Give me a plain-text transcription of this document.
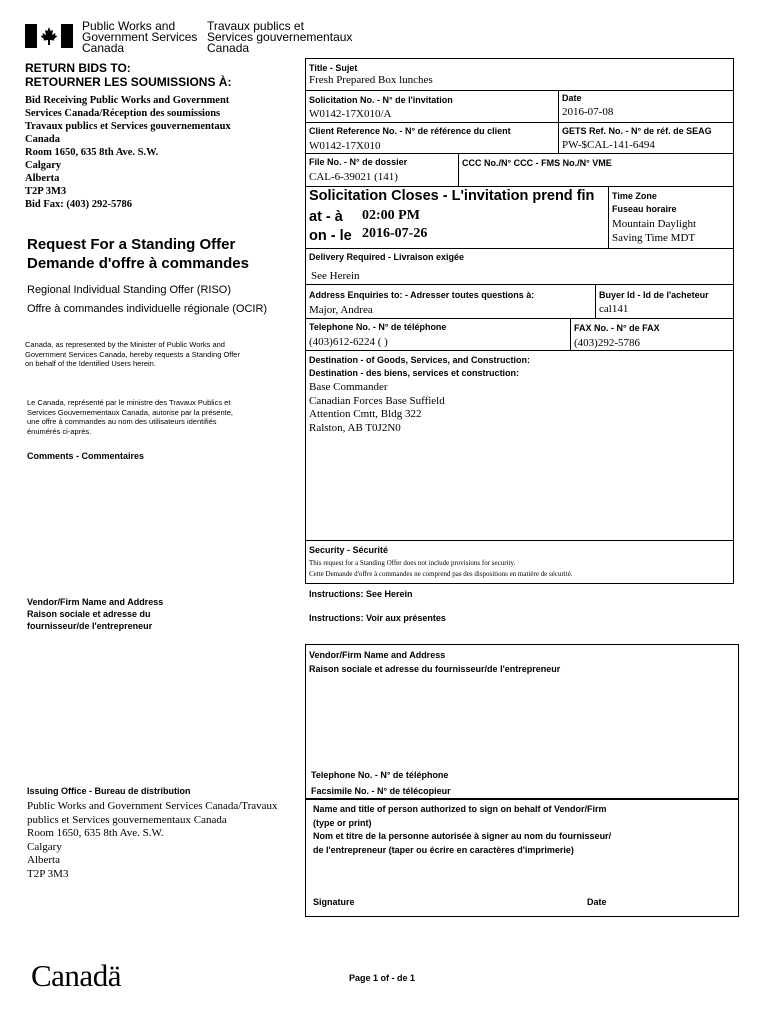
Public Works and
Government Services
Canada
Travaux publics et
Services gouvernementaux
Canada
RETURN BIDS TO:
RETOURNER LES SOUMISSIONS À:
Bid Receiving Public Works and Government
Services Canada/Réception des soumissions
Travaux publics et Services gouvernementaux
Canada
Room 1650, 635 8th Ave. S.W.
Calgary
Alberta
T2P 3M3
Bid Fax: (403) 292-5786
Request For a Standing Offer
Demande d'offre à commandes
Regional Individual Standing Offer (RISO)
Offre à commandes individuelle régionale (OCIR)
Canada, as represented by the Minister of Public Works and
Government Services Canada, hereby requests a Standing Offer
on behalf of the Identified Users herein.
Le Canada, représenté par le ministre des Travaux Publics et
Services Gouvernementaux Canada, autorise par la présente,
une offre à commandes au nom des utilisateurs identifiés
énumérés ci-après.
Comments - Commentaires
Vendor/Firm Name and Address
Raison sociale et adresse du
fournisseur/de l'entrepreneur
Issuing Office - Bureau de distribution
Public Works and Government Services Canada/Travaux
publics et Services gouvernementaux Canada
Room 1650, 635 8th Ave. S.W.
Calgary
Alberta
T2P 3M3
Title - Sujet
Fresh Prepared Box lunches
Solicitation No. - N° de l'invitation
W0142-17X010/A
Date
2016-07-08
Client Reference No. - N° de référence du client
W0142-17X010
GETS Ref. No. - N° de réf. de SEAG
PW-$CAL-141-6494
File No. - N° de dossier
CAL-6-39021 (141)
CCC No./N° CCC - FMS No./N° VME
Solicitation Closes - L'invitation prend fin
at - à 02:00 PM
on - le 2016-07-26
Time Zone
Fuseau horaire
Mountain Daylight
Saving Time MDT
Delivery Required - Livraison exigée
See Herein
Address Enquiries to: - Adresser toutes questions à:
Major, Andrea
Buyer Id - Id de l'acheteur
cal141
Telephone No. - N° de téléphone
(403)612-6224 ( )
FAX No. - N° de FAX
(403)292-5786
Destination - of Goods, Services, and Construction:
Destination - des biens, services et construction:
Base Commander
Canadian Forces Base Suffield
Attention Cmtt, Bldg 322
Ralston, AB T0J2N0
Security - Sécurité
This request for a Standing Offer does not include provisions for security.
Cette Demande d'offre à commandes ne comprend pas des dispositions en matière de sécurité.
Instructions: See Herein
Instructions: Voir aux présentes
Vendor/Firm Name and Address
Raison sociale et adresse du fournisseur/de l'entrepreneur
Telephone No. - N° de téléphone
Facsimile No. - N° de télécopieur
Name and title of person authorized to sign on behalf of Vendor/Firm
(type or print)
Nom et titre de la personne autorisée à signer au nom du fournisseur/
de l'entrepreneur (taper ou écrire en caractères d'imprimerie)
Signature	Date
Canadä	Page 1 of - de 1
